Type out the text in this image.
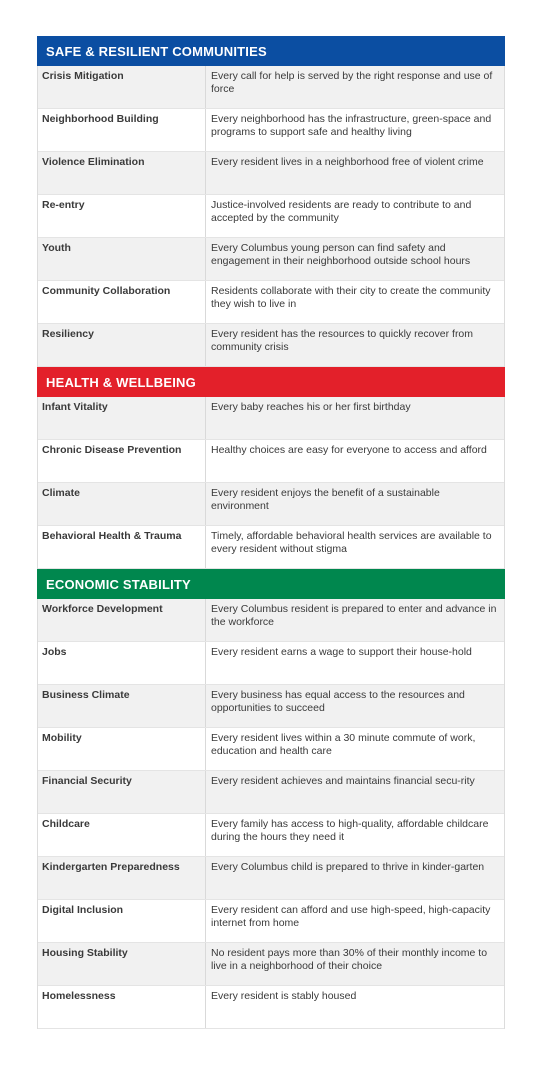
SAFE & RESILIENT COMMUNITIES
Crisis Mitigation	Every call for help is served by the right response and use of force
Neighborhood Building	Every neighborhood has the infrastructure, green-space and programs to support safe and healthy living
Violence Elimination	Every resident lives in a neighborhood free of violent crime
Re-entry	Justice-involved residents are ready to contribute to and accepted by the community
Youth	Every Columbus young person can find safety and engagement in their neighborhood outside school hours
Community Collaboration	Residents collaborate with their city to create the community they wish to live in
Resiliency	Every resident has the resources to quickly recover from community crisis
HEALTH & WELLBEING
Infant Vitality	Every baby reaches his or her first birthday
Chronic Disease Prevention	Healthy choices are easy for everyone to access and afford
Climate	Every resident enjoys the benefit of a sustainable environment
Behavioral Health & Trauma	Timely, affordable behavioral health services are available to every resident without stigma
ECONOMIC STABILITY
Workforce Development	Every Columbus resident is prepared to enter and advance in the workforce
Jobs	Every resident earns a wage to support their house-hold
Business Climate	Every business has equal access to the resources and opportunities to succeed
Mobility	Every resident lives within a 30 minute commute of work, education and health care
Financial Security	Every resident achieves and maintains financial secu-rity
Childcare	Every family has access to high-quality, affordable childcare during the hours they need it
Kindergarten Preparedness	Every Columbus child is prepared to thrive in kinder-garten
Digital Inclusion	Every resident can afford and use high-speed, high-capacity internet from home
Housing Stability	No resident pays more than 30% of their monthly income to live in a neighborhood of their choice
Homelessness	Every resident is stably housed
